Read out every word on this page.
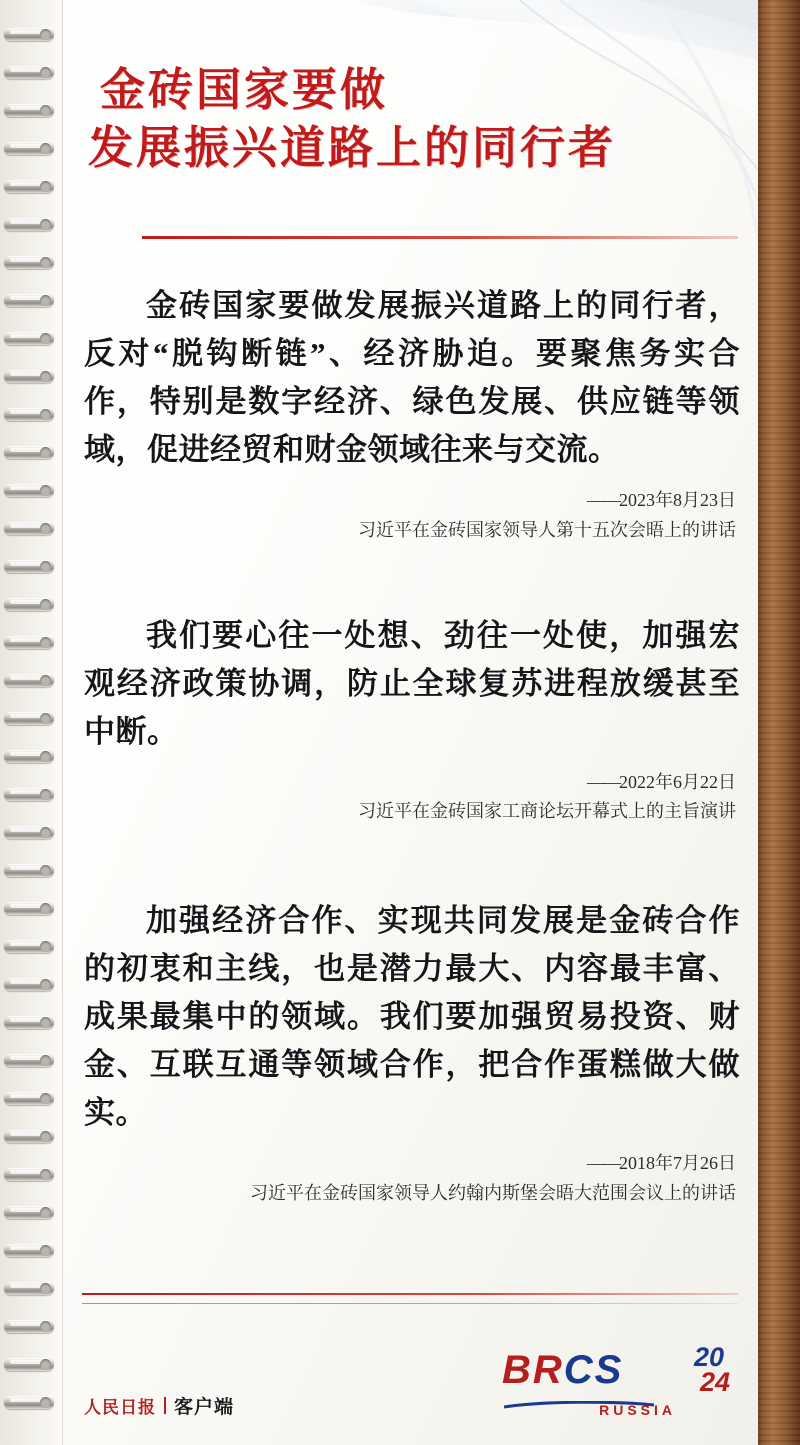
金砖国家要做
发展振兴道路上的同行者
金砖国家要做发展振兴道路上的同行者，反对“脱钩断链”、经济胁迫。要聚焦务实合作，特别是数字经济、绿色发展、供应链等领域，促进经贸和财金领域往来与交流。
—— 2023年8月23日
习近平在金砖国家领导人第十五次会晤上的讲话
我们要心往一处想、劲往一处使，加强宏观经济政策协调，防止全球复苏进程放缓甚至中断。
—— 2022年6月22日
习近平在金砖国家工商论坛开幕式上的主旨演讲
加强经济合作、实现共同发展是金砖合作的初衷和主线，也是潜力最大、内容最丰富、成果最集中的领域。我们要加强贸易投资、财金、互联互通等领域合作，把合作蛋糕做大做实。
—— 2018年7月26日
习近平在金砖国家领导人约翰内斯堡会晤大范围会议上的讲话
人民日报 客户端
BRCS	20
24
RUSSIA
